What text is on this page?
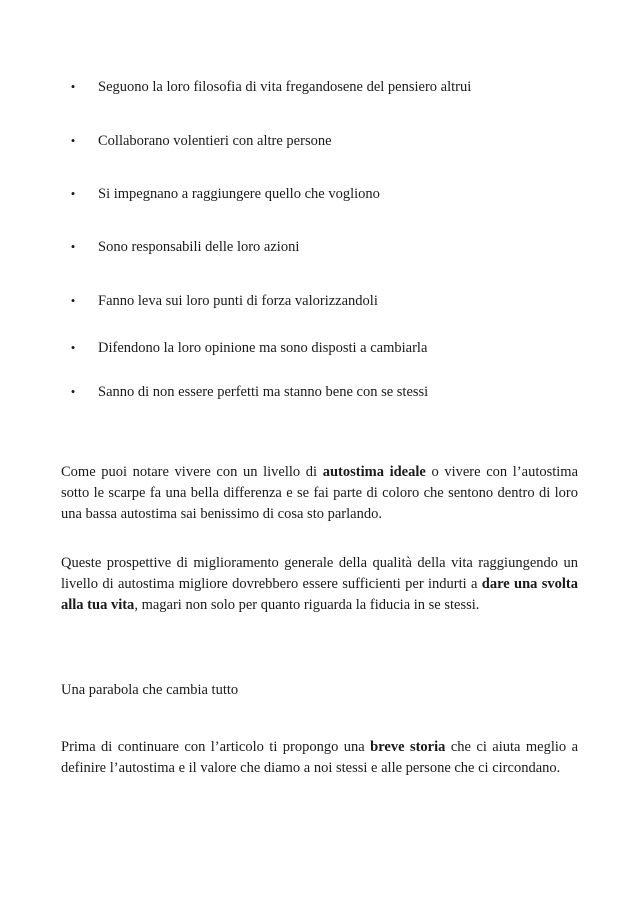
• Seguono la loro filosofia di vita fregandosene del pensiero altrui
• Collaborano volentieri con altre persone
• Si impegnano a raggiungere quello che vogliono
• Sono responsabili delle loro azioni
• Fanno leva sui loro punti di forza valorizzandoli
• Difendono la loro opinione ma sono disposti a cambiarla
• Sanno di non essere perfetti ma stanno bene con se stessi

Come puoi notare vivere con un livello di autostima ideale o vivere con l’autostima sotto le scarpe fa una bella differenza e se fai parte di coloro che sentono dentro di loro una bassa autostima sai benissimo di cosa sto parlando.

Queste prospettive di miglioramento generale della qualità della vita raggiungendo un livello di autostima migliore dovrebbero essere sufficienti per indurti a dare una svolta alla tua vita, magari non solo per quanto riguarda la fiducia in se stessi.

Una parabola che cambia tutto

Prima di continuare con l’articolo ti propongo una breve storia che ci aiuta meglio a definire l’autostima e il valore che diamo a noi stessi e alle persone che ci circondano.
